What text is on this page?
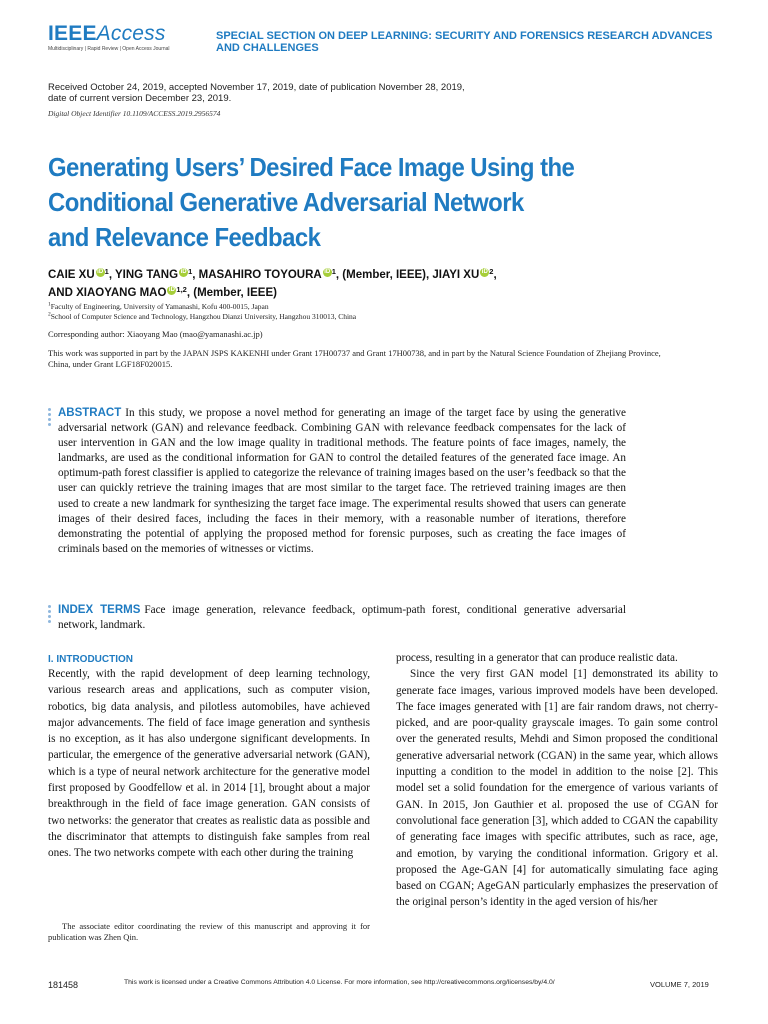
IEEEAccess
Multidisciplinary | Rapid Review | Open Access Journal
SPECIAL SECTION ON DEEP LEARNING: SECURITY AND FORENSICS RESEARCH ADVANCES AND CHALLENGES
Received October 24, 2019, accepted November 17, 2019, date of publication November 28, 2019,
date of current version December 23, 2019.
Digital Object Identifier 10.1109/ACCESS.2019.2956574
Generating Users’ Desired Face Image Using the
Conditional Generative Adversarial Network
and Relevance Feedback
CAIE XU iD $^1$, YING TANG iD $^1$, MASAHIRO TOYOURA iD $^1$, (Member, IEEE), JIAYI XU iD $^2$,
AND XIAOYANG MAO iD $^{1,2}$, (Member, IEEE)
$^1$Faculty of Engineering, University of Yamanashi, Kofu 400-0015, Japan
$^2$School of Computer Science and Technology, Hangzhou Dianzi University, Hangzhou 310013, China
Corresponding author: Xiaoyang Mao (mao@yamanashi.ac.jp)
This work was supported in part by the JAPAN JSPS KAKENHI under Grant 17H00737 and Grant 17H00738, and in part by the Natural Science Foundation of Zhejiang Province, China, under Grant LGF18F020015.
ABSTRACT In this study, we propose a novel method for generating an image of the target face by using the generative adversarial network (GAN) and relevance feedback. Combining GAN with relevance feedback compensates for the lack of user intervention in GAN and the low image quality in traditional methods. The feature points of face images, namely, the landmarks, are used as the conditional information for GAN to control the detailed features of the generated face image. An optimum-path forest classifier is applied to categorize the relevance of training images based on the user’s feedback so that the user can quickly retrieve the training images that are most similar to the target face. The retrieved training images are then used to create a new landmark for synthesizing the target face image. The experimental results showed that users can generate images of their desired faces, including the faces in their memory, with a reasonable number of iterations, therefore demonstrating the potential of applying the proposed method for forensic purposes, such as creating the face images of criminals based on the memories of witnesses or victims.
INDEX TERMS Face image generation, relevance feedback, optimum-path forest, conditional generative adversarial network, landmark.
I. INTRODUCTION
Recently, with the rapid development of deep learning technology, various research areas and applications, such as computer vision, robotics, big data analysis, and pilotless automobiles, have achieved major advancements. The field of face image generation and synthesis is no exception, as it has also undergone significant developments. In particular, the emergence of the generative adversarial network (GAN), which is a type of neural network architecture for the generative model first proposed by Goodfellow et al. in 2014 [1], brought about a major breakthrough in the field of face image generation. GAN consists of two networks: the generator that creates as realistic data as possible and the discriminator that attempts to distinguish fake samples from real ones. The two networks compete with each other during the training
process, resulting in a generator that can produce realistic data.
Since the very first GAN model [1] demonstrated its ability to generate face images, various improved models have been developed. The face images generated with [1] are fair random draws, not cherry-picked, and are poor-quality grayscale images. To gain some control over the generated results, Mehdi and Simon proposed the conditional generative adversarial network (CGAN) in the same year, which allows inputting a condition to the model in addition to the noise [2]. This model set a solid foundation for the emergence of various variants of GAN. In 2015, Jon Gauthier et al. proposed the use of CGAN for convolutional face generation [3], which added to CGAN the capability of generating face images with specific attributes, such as race, age, and emotion, by varying the conditional information. Grigory et al. proposed the Age-GAN [4] for automatically simulating face aging based on CGAN; AgeGAN particularly emphasizes the preservation of the original person’s identity in the aged version of his/her
The associate editor coordinating the review of this manuscript and approving it for publication was Zhen Qin.
181458	This work is licensed under a Creative Commons Attribution 4.0 License. For more information, see http://creativecommons.org/licenses/by/4.0/	VOLUME 7, 2019
